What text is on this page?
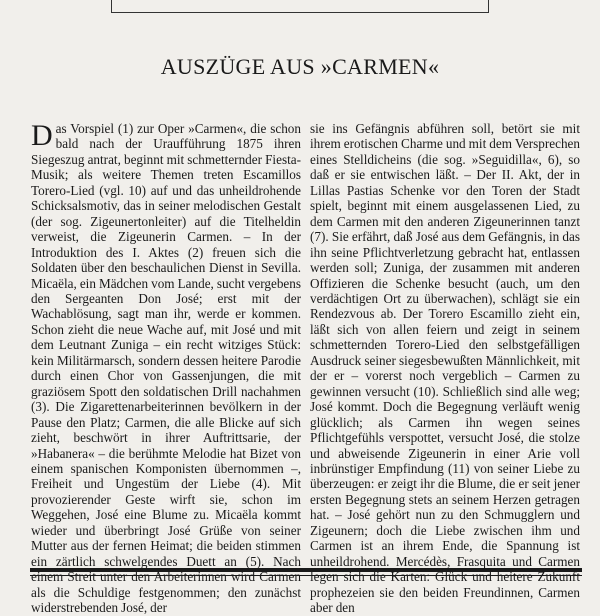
AUSZÜGE AUS »CARMEN«
Das Vorspiel (1) zur Oper »Carmen«, die schon bald nach der Uraufführung 1875 ihren Siegeszug antrat, beginnt mit schmetternder Fiesta-Musik; als weitere Themen treten Escamillos Torero-Lied (vgl. 10) auf und das unheildrohende Schicksalsmotiv, das in seiner melodischen Gestalt (der sog. Zigeunertonleiter) auf die Titelheldin verweist, die Zigeunerin Carmen. – In der Introduktion des I. Aktes (2) freuen sich die Soldaten über den beschaulichen Dienst in Sevilla. Micaëla, ein Mädchen vom Lande, sucht vergebens den Sergeanten Don José; erst mit der Wachablösung, sagt man ihr, werde er kommen. Schon zieht die neue Wache auf, mit José und mit dem Leutnant Zuniga – ein recht witziges Stück: kein Militärmarsch, sondern dessen heitere Parodie durch einen Chor von Gassenjungen, die mit graziösem Spott den soldatischen Drill nachahmen (3). Die Zigarettenarbeiterinnen bevölkern in der Pause den Platz; Carmen, die alle Blicke auf sich zieht, beschwört in ihrer Auftrittsarie, der »Habanera« – die berühmte Melodie hat Bizet von einem spanischen Komponisten übernommen –, Freiheit und Ungestüm der Liebe (4). Mit provozierender Geste wirft sie, schon im Weggehen, José eine Blume zu. Micaëla kommt wieder und überbringt José Grüße von seiner Mutter aus der fernen Heimat; die beiden stimmen ein zärtlich schwelgendes Duett an (5). Nach einem Streit unter den Arbeiterinnen wird Carmen als die Schuldige festgenommen; den zunächst widerstrebenden José, der
sie ins Gefängnis abführen soll, betört sie mit ihrem erotischen Charme und mit dem Versprechen eines Stelldicheins (die sog. »Seguidilla«, 6), so daß er sie entwischen läßt. – Der II. Akt, der in Lillas Pastias Schenke vor den Toren der Stadt spielt, beginnt mit einem ausgelassenen Lied, zu dem Carmen mit den anderen Zigeunerinnen tanzt (7). Sie erfährt, daß José aus dem Gefängnis, in das ihn seine Pflichtverletzung gebracht hat, entlassen werden soll; Zuniga, der zusammen mit anderen Offizieren die Schenke besucht (auch, um den verdächtigen Ort zu überwachen), schlägt sie ein Rendezvous ab. Der Torero Escamillo zieht ein, läßt sich von allen feiern und zeigt in seinem schmetternden Torero-Lied den selbstgefälligen Ausdruck seiner siegesbewußten Männlichkeit, mit der er – vorerst noch vergeblich – Carmen zu gewinnen versucht (10). Schließlich sind alle weg; José kommt. Doch die Begegnung verläuft wenig glücklich; als Carmen ihn wegen seines Pflichtgefühls verspottet, versucht José, die stolze und abweisende Zigeunerin in einer Arie voll inbrünstiger Empfindung (11) von seiner Liebe zu überzeugen: er zeigt ihr die Blume, die er seit jener ersten Begegnung stets an seinem Herzen getragen hat. – José gehört nun zu den Schmugglern und Zigeunern; doch die Liebe zwischen ihm und Carmen ist an ihrem Ende, die Spannung ist unheildrohend. Mercédès, Frasquita und Carmen legen sich die Karten: Glück und heitere Zukunft prophezeien sie den beiden Freundinnen, Carmen aber den
